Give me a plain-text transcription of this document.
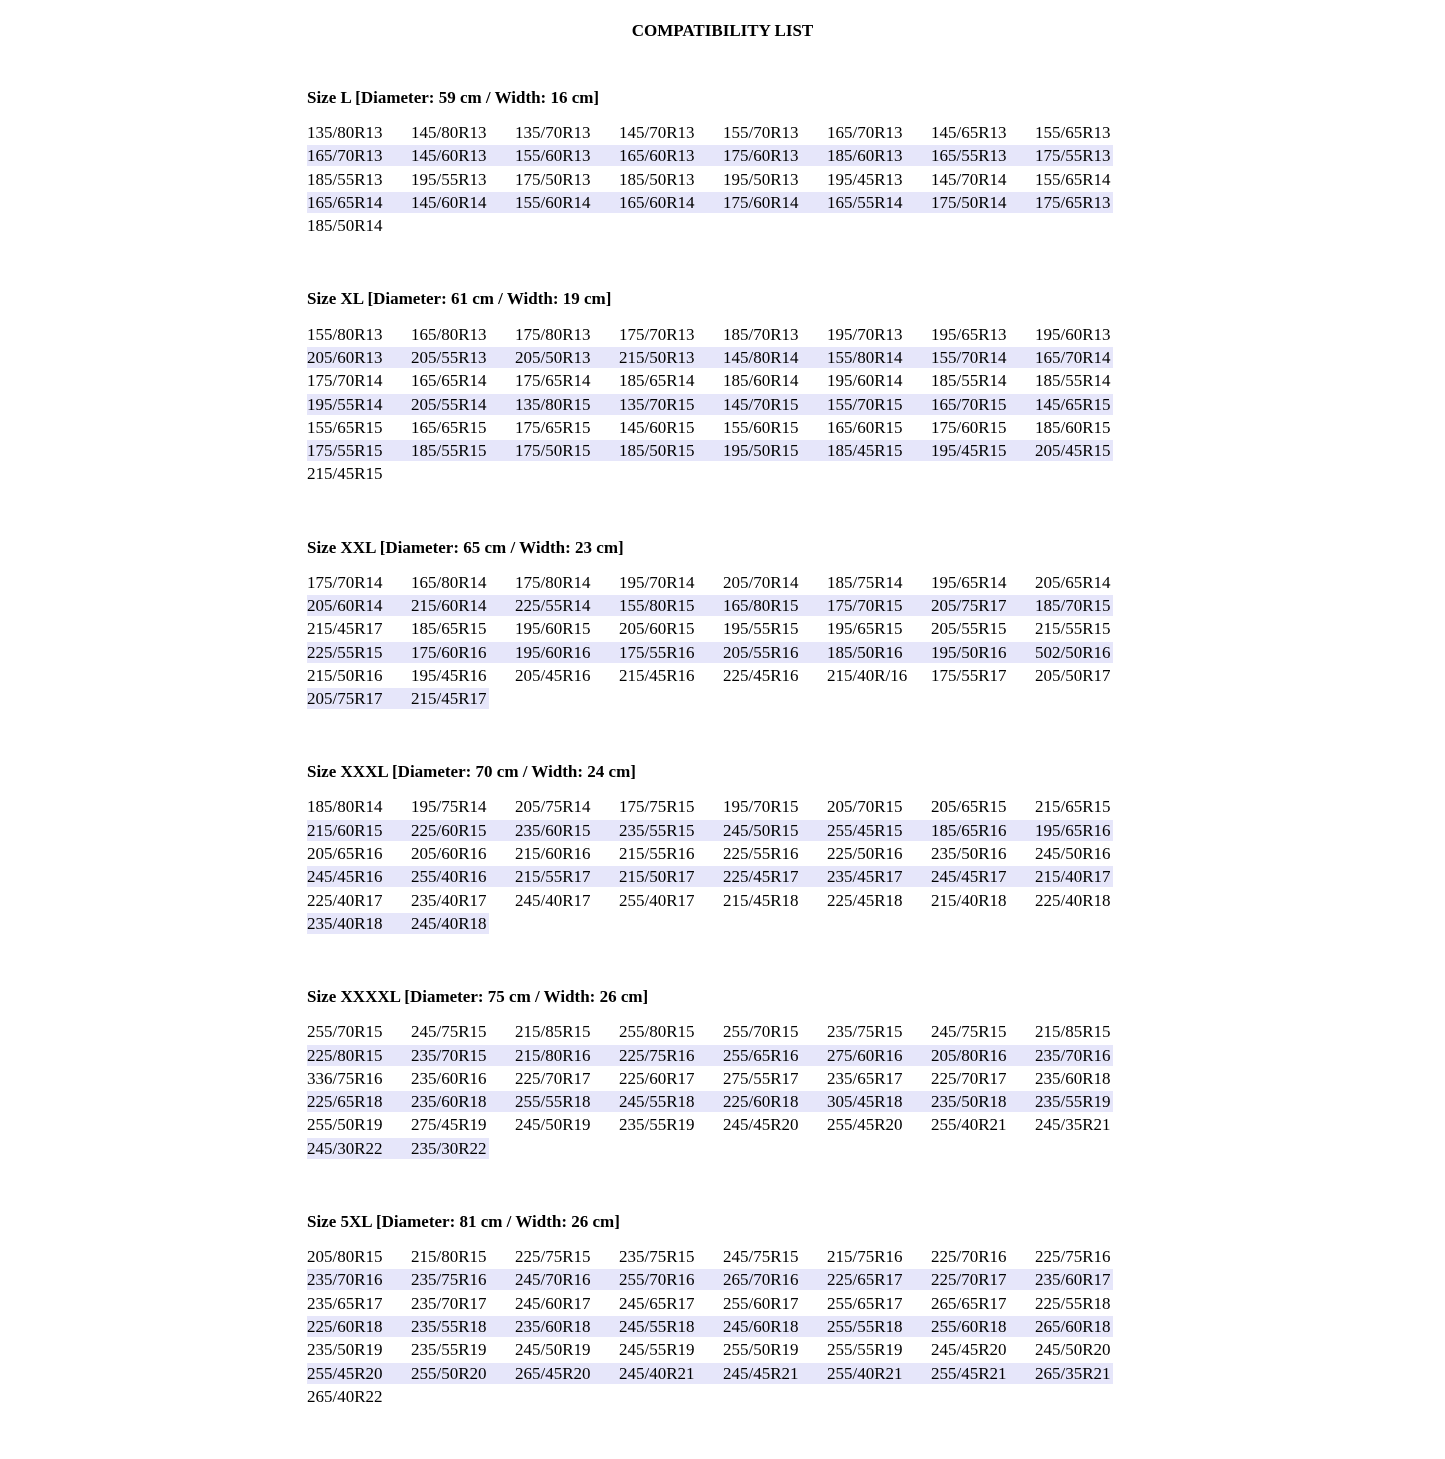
COMPATIBILITY LIST
Size L [Diameter: 59 cm / Width: 16 cm]
135/80R13	145/80R13	135/70R13	145/70R13	155/70R13	165/70R13	145/65R13	155/65R13
165/70R13	145/60R13	155/60R13	165/60R13	175/60R13	185/60R13	165/55R13	175/55R13
185/55R13	195/55R13	175/50R13	185/50R13	195/50R13	195/45R13	145/70R14	155/65R14
165/65R14	145/60R14	155/60R14	165/60R14	175/60R14	165/55R14	175/50R14	175/65R13
185/50R14
Size XL [Diameter: 61 cm / Width: 19 cm]
155/80R13	165/80R13	175/80R13	175/70R13	185/70R13	195/70R13	195/65R13	195/60R13
205/60R13	205/55R13	205/50R13	215/50R13	145/80R14	155/80R14	155/70R14	165/70R14
175/70R14	165/65R14	175/65R14	185/65R14	185/60R14	195/60R14	185/55R14	185/55R14
195/55R14	205/55R14	135/80R15	135/70R15	145/70R15	155/70R15	165/70R15	145/65R15
155/65R15	165/65R15	175/65R15	145/60R15	155/60R15	165/60R15	175/60R15	185/60R15
175/55R15	185/55R15	175/50R15	185/50R15	195/50R15	185/45R15	195/45R15	205/45R15
215/45R15
Size XXL [Diameter: 65 cm / Width: 23 cm]
175/70R14	165/80R14	175/80R14	195/70R14	205/70R14	185/75R14	195/65R14	205/65R14
205/60R14	215/60R14	225/55R14	155/80R15	165/80R15	175/70R15	205/75R17	185/70R15
215/45R17	185/65R15	195/60R15	205/60R15	195/55R15	195/65R15	205/55R15	215/55R15
225/55R15	175/60R16	195/60R16	175/55R16	205/55R16	185/50R16	195/50R16	502/50R16
215/50R16	195/45R16	205/45R16	215/45R16	225/45R16	215/40R/16	175/55R17	205/50R17
205/75R17	215/45R17
Size XXXL [Diameter: 70 cm / Width: 24 cm]
185/80R14	195/75R14	205/75R14	175/75R15	195/70R15	205/70R15	205/65R15	215/65R15
215/60R15	225/60R15	235/60R15	235/55R15	245/50R15	255/45R15	185/65R16	195/65R16
205/65R16	205/60R16	215/60R16	215/55R16	225/55R16	225/50R16	235/50R16	245/50R16
245/45R16	255/40R16	215/55R17	215/50R17	225/45R17	235/45R17	245/45R17	215/40R17
225/40R17	235/40R17	245/40R17	255/40R17	215/45R18	225/45R18	215/40R18	225/40R18
235/40R18	245/40R18
Size XXXXL [Diameter: 75 cm / Width: 26 cm]
255/70R15	245/75R15	215/85R15	255/80R15	255/70R15	235/75R15	245/75R15	215/85R15
225/80R15	235/70R15	215/80R16	225/75R16	255/65R16	275/60R16	205/80R16	235/70R16
336/75R16	235/60R16	225/70R17	225/60R17	275/55R17	235/65R17	225/70R17	235/60R18
225/65R18	235/60R18	255/55R18	245/55R18	225/60R18	305/45R18	235/50R18	235/55R19
255/50R19	275/45R19	245/50R19	235/55R19	245/45R20	255/45R20	255/40R21	245/35R21
245/30R22	235/30R22
Size 5XL [Diameter: 81 cm / Width: 26 cm]
205/80R15	215/80R15	225/75R15	235/75R15	245/75R15	215/75R16	225/70R16	225/75R16
235/70R16	235/75R16	245/70R16	255/70R16	265/70R16	225/65R17	225/70R17	235/60R17
235/65R17	235/70R17	245/60R17	245/65R17	255/60R17	255/65R17	265/65R17	225/55R18
225/60R18	235/55R18	235/60R18	245/55R18	245/60R18	255/55R18	255/60R18	265/60R18
235/50R19	235/55R19	245/50R19	245/55R19	255/50R19	255/55R19	245/45R20	245/50R20
255/45R20	255/50R20	265/45R20	245/40R21	245/45R21	255/40R21	255/45R21	265/35R21
265/40R22
